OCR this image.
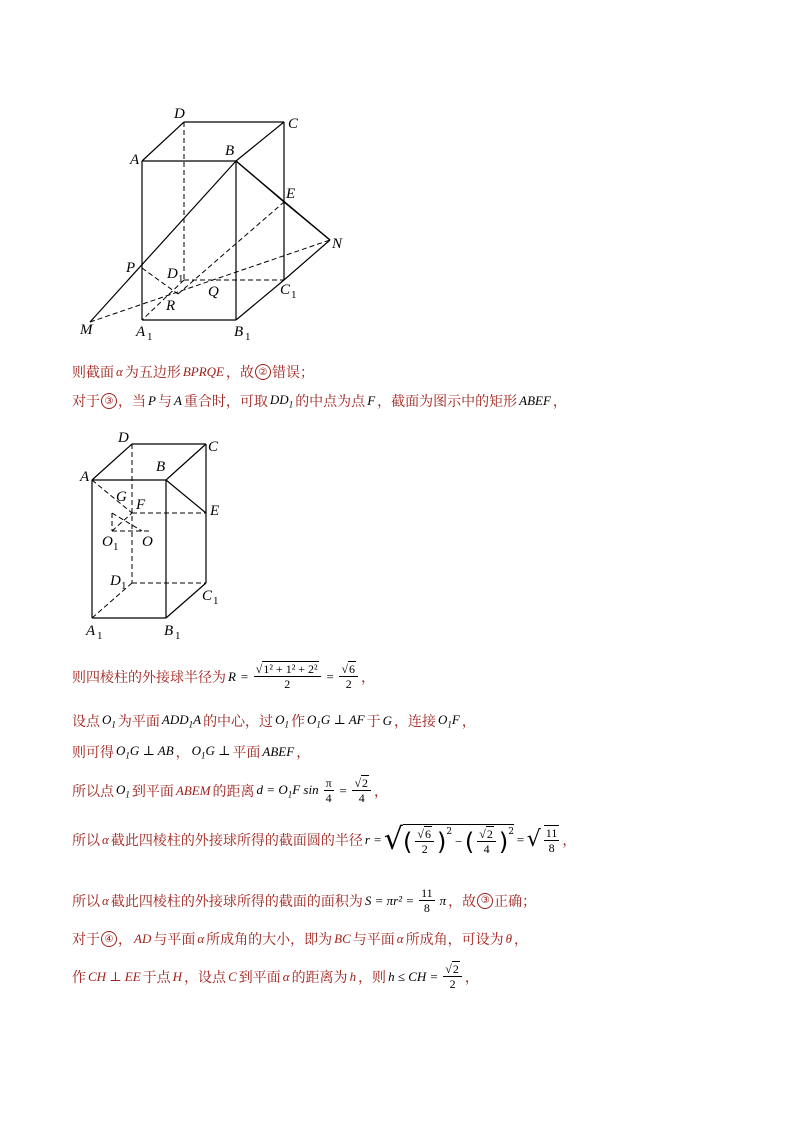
D
C
A
B
E
N
P D 1
Q	C 1
R
M	A 1	B 1
则截面 α 为五边形 BPRQE ，故 ② 错误；
对于 ③ ，当 P 与 A 重合时，可取 $DD_1$ 的中点为点 F ，截面为图示中的矩形 ABEF ，
D
C
A
B
G F	E
O 1 O
D 1
C 1
A 1	B 1
则四棱柱的外接球半径为 $R = \frac{\text{√1² + 1² + 2²}}{2} = \frac{√6}{2}$ ，
设点 $O_1$ 为平面 $ADD_1A$ 的中心，过 $O_1$ 作 $O_1G$ ⊥ AF 于 G ，连接 $O_1F$ ，
则可得 $O_1G$ ⊥ AB ， $O_1G$ ⊥ 平面 ABEF ，
所以点 $O_1$ 到平面 ABEM 的距离 $d = O_1F$ $\sin \frac{\pi}{4} = \frac{√2}{4}$ ，
所以 α 截此四棱柱的外接球所得的截面圆的半径 r = √ ( $\frac{√6}{2} )^2$
− ( $\frac{√2}{4} )^2$ = √ $\frac{11}{8}$ ，
所以 α 截此四棱柱的外接球所得的截面的面积为 $S = \pi r^2 = \frac{11}{8}$ π ，故 ③ 正确；
对于 ④ ， AD 与平面 α 所成角的大小，即为 BC 与平面 α 所成角，可设为 θ ，
作 CH ⊥ EE 于点 H ，设点 C 到平面 α 的距离为 h ，则 h ≤ CH = $\frac{√2}{2}$ ，
